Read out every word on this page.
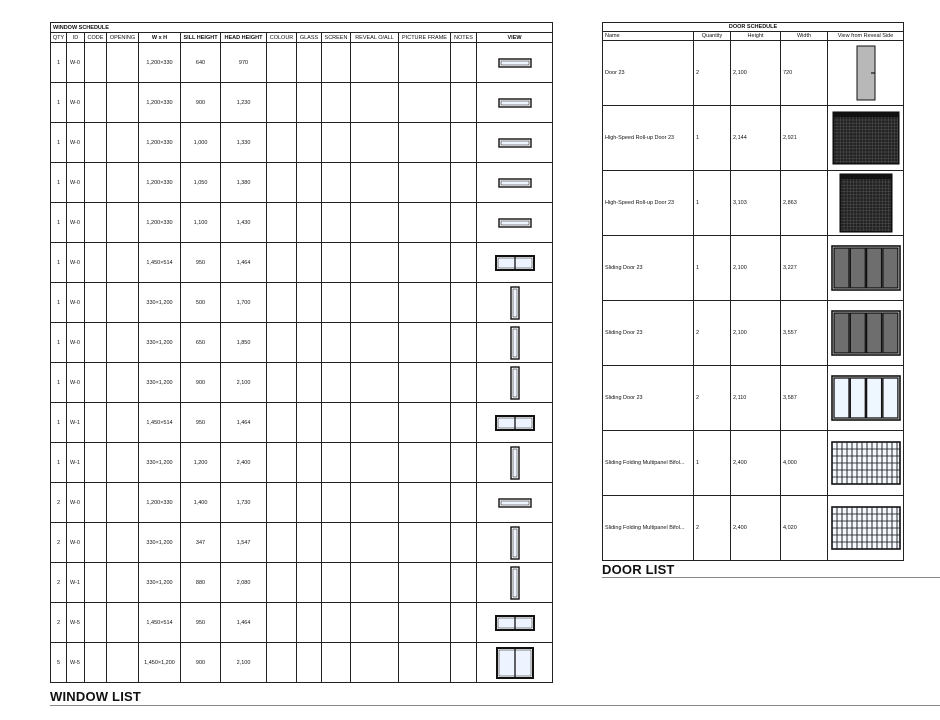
WINDOW SCHEDULE													
QTY	ID	CODE	OPENING	W x H	SILL HEIGHT	HEAD HEIGHT	COLOUR	GLASS	SCREEN	REVEAL O/ALL	PICTURE FRAME	NOTES	VIEW
1	W-0			1,200×330	640	970							

1	W-0			1,200×330	900	1,230							

1	W-0			1,200×330	1,000	1,330							

1	W-0			1,200×330	1,050	1,380							

1	W-0			1,200×330	1,100	1,430							

1	W-0			1,450×514	950	1,464							

1	W-0			330×1,200	500	1,700							

1	W-0			330×1,200	650	1,850							

1	W-0			330×1,200	900	2,100							

1	W-1			1,450×514	950	1,464							

1	W-1			330×1,200	1,200	2,400							

2	W-0			1,200×330	1,400	1,730							

2	W-0			330×1,200	347	1,547							

2	W-1			330×1,200	880	2,080							

2	W-5			1,450×514	950	1,464							

5	W-5			1,450×1,200	900	2,100							
WINDOW LIST
DOOR SCHEDULE				
Name	Quantity	Height	Width	View from Reveal Side
Door 23	2	2,100	720	

High-Speed Roll-up Door 23	1	2,144	2,921	

High-Speed Roll-up Door 23	1	3,103	2,863	

Sliding Door 23	1	2,100	3,227	

Sliding Door 23	2	2,100	3,557	

Sliding Door 23	2	2,110	3,587	

Sliding Folding Multipanel Bifol...	1	2,400	4,000	

Sliding Folding Multipanel Bifol...	2	2,400	4,020	
DOOR LIST
